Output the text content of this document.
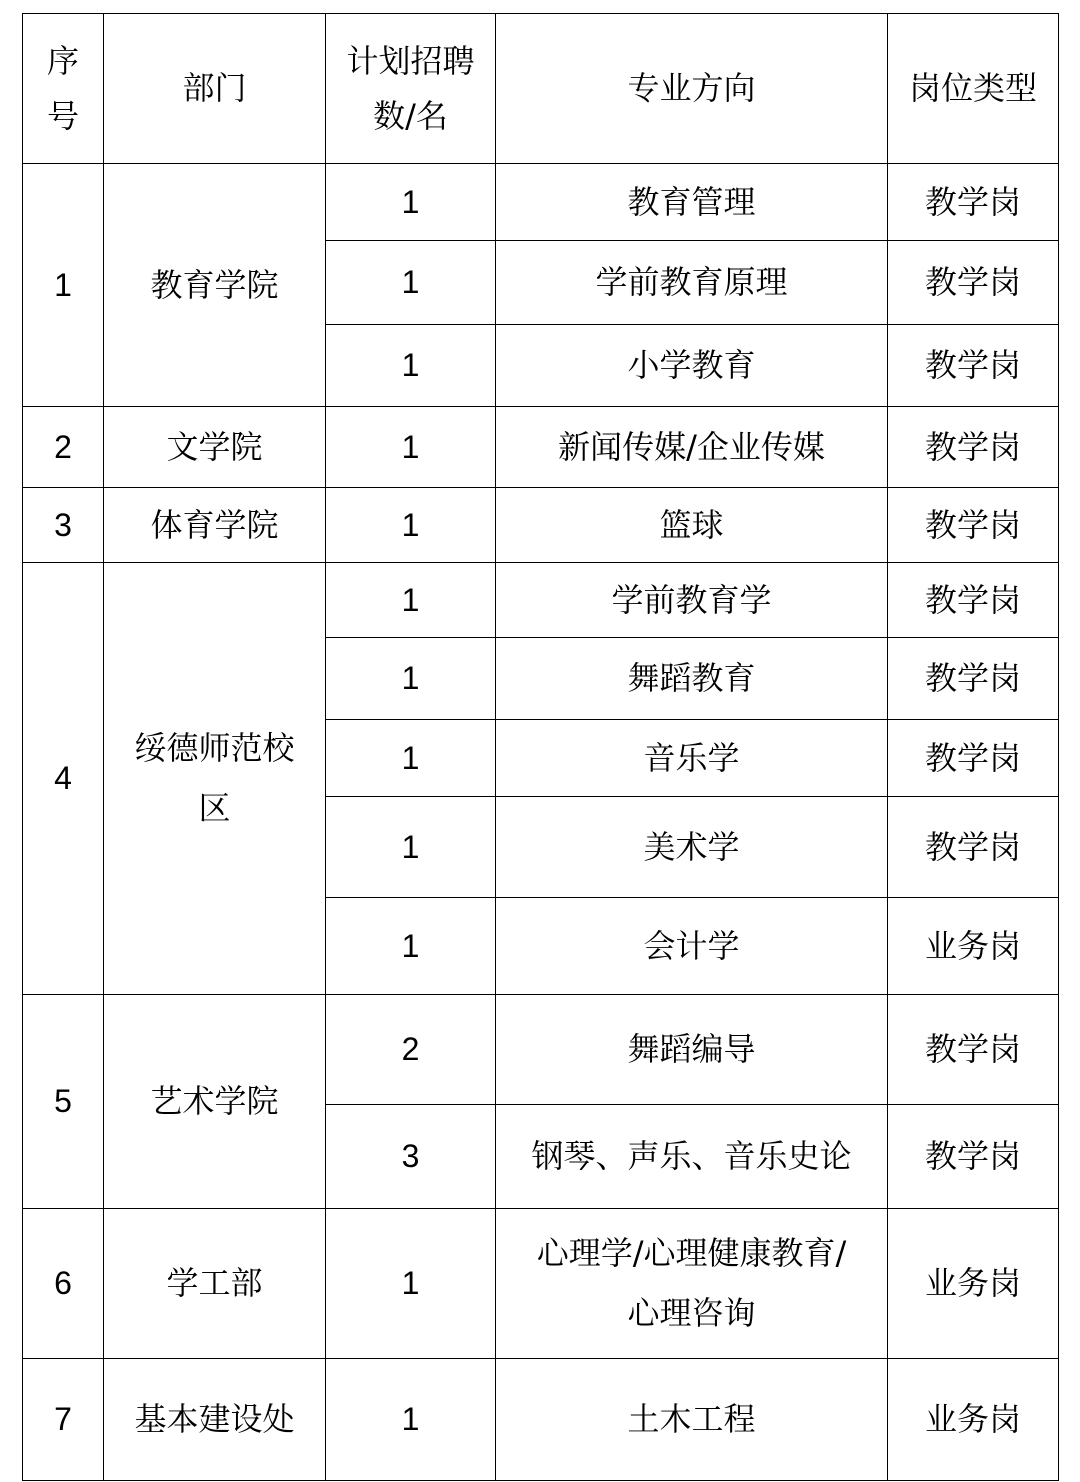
序号	部门	计划招聘数/名	专业方向	岗位类型
1	教育学院	1	教育管理	教学岗
		1	学前教育原理	教学岗
		1	小学教育	教学岗
2	文学院	1	新闻传媒/企业传媒	教学岗
3	体育学院	1	篮球	教学岗
4	绥德师范校区	1	学前教育学	教学岗
		1	舞蹈教育	教学岗
		1	音乐学	教学岗
		1	美术学	教学岗
		1	会计学	业务岗
5	艺术学院	2	舞蹈编导	教学岗
		3	钢琴、声乐、音乐史论	教学岗
6	学工部	1	心理学/心理健康教育/心理咨询	业务岗
7	基本建设处	1	土木工程	业务岗
